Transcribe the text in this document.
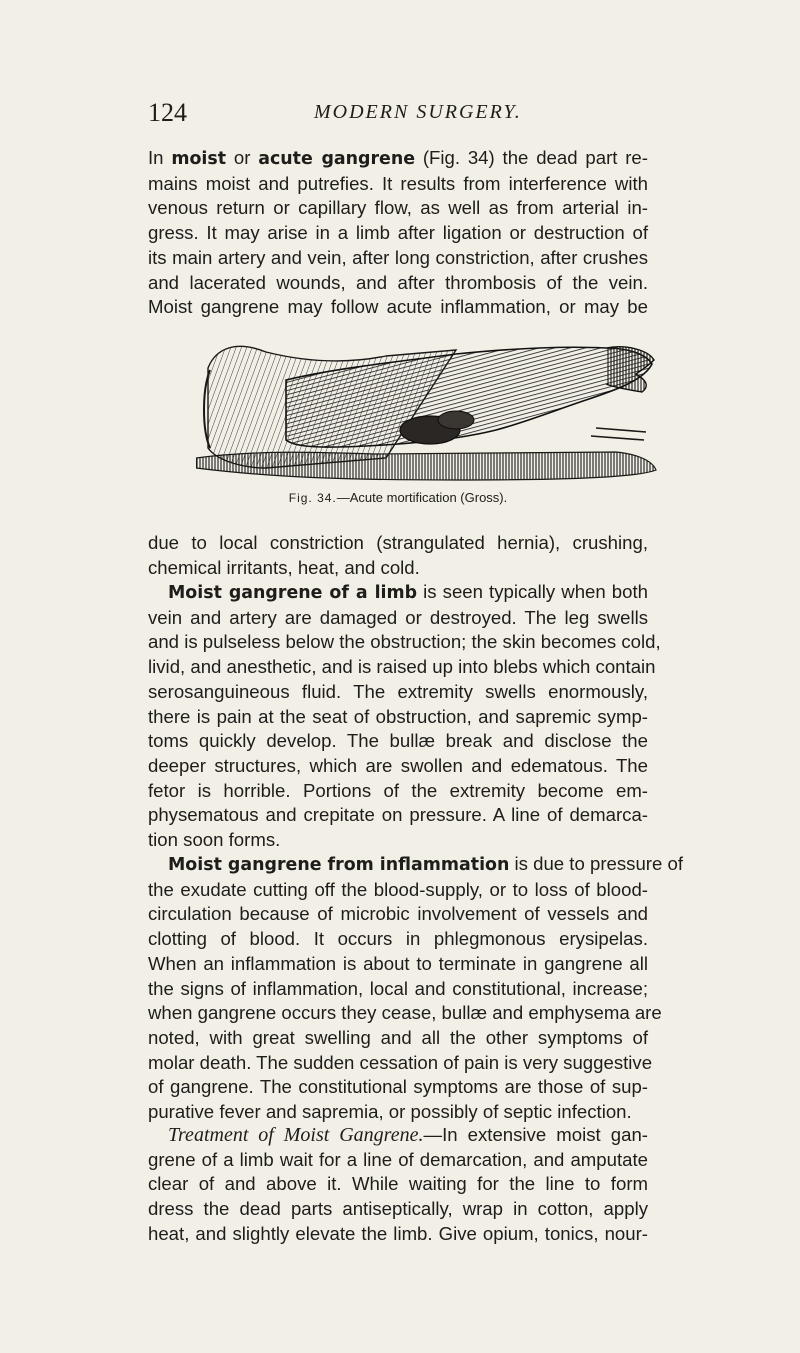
124	MODERN SURGERY.
In moist or acute gangrene (Fig. 34) the dead part re-
mains moist and putrefies. It results from interference with
venous return or capillary flow, as well as from arterial in-
gress. It may arise in a limb after ligation or destruction of
its main artery and vein, after long constriction, after crushes
and lacerated wounds, and after thrombosis of the vein.
Moist gangrene may follow acute inflammation, or may be
Fig. 34.—Acute mortification (Gross).
due to local constriction (strangulated hernia), crushing,
chemical irritants, heat, and cold.
Moist gangrene of a limb is seen typically when both
vein and artery are damaged or destroyed. The leg swells
and is pulseless below the obstruction; the skin becomes cold,
livid, and anesthetic, and is raised up into blebs which contain
serosanguineous fluid. The extremity swells enormously,
there is pain at the seat of obstruction, and sapremic symp-
toms quickly develop. The bullæ break and disclose the
deeper structures, which are swollen and edematous. The
fetor is horrible. Portions of the extremity become em-
physematous and crepitate on pressure. A line of demarca-
tion soon forms.
Moist gangrene from inflammation is due to pressure of
the exudate cutting off the blood-supply, or to loss of blood-
circulation because of microbic involvement of vessels and
clotting of blood. It occurs in phlegmonous erysipelas.
When an inflammation is about to terminate in gangrene all
the signs of inflammation, local and constitutional, increase;
when gangrene occurs they cease, bullæ and emphysema are
noted, with great swelling and all the other symptoms of
molar death. The sudden cessation of pain is very suggestive
of gangrene. The constitutional symptoms are those of sup-
purative fever and sapremia, or possibly of septic infection.
Treatment of Moist Gangrene.—In extensive moist gan-
grene of a limb wait for a line of demarcation, and amputate
clear of and above it. While waiting for the line to form
dress the dead parts antiseptically, wrap in cotton, apply
heat, and slightly elevate the limb. Give opium, tonics, nour-
